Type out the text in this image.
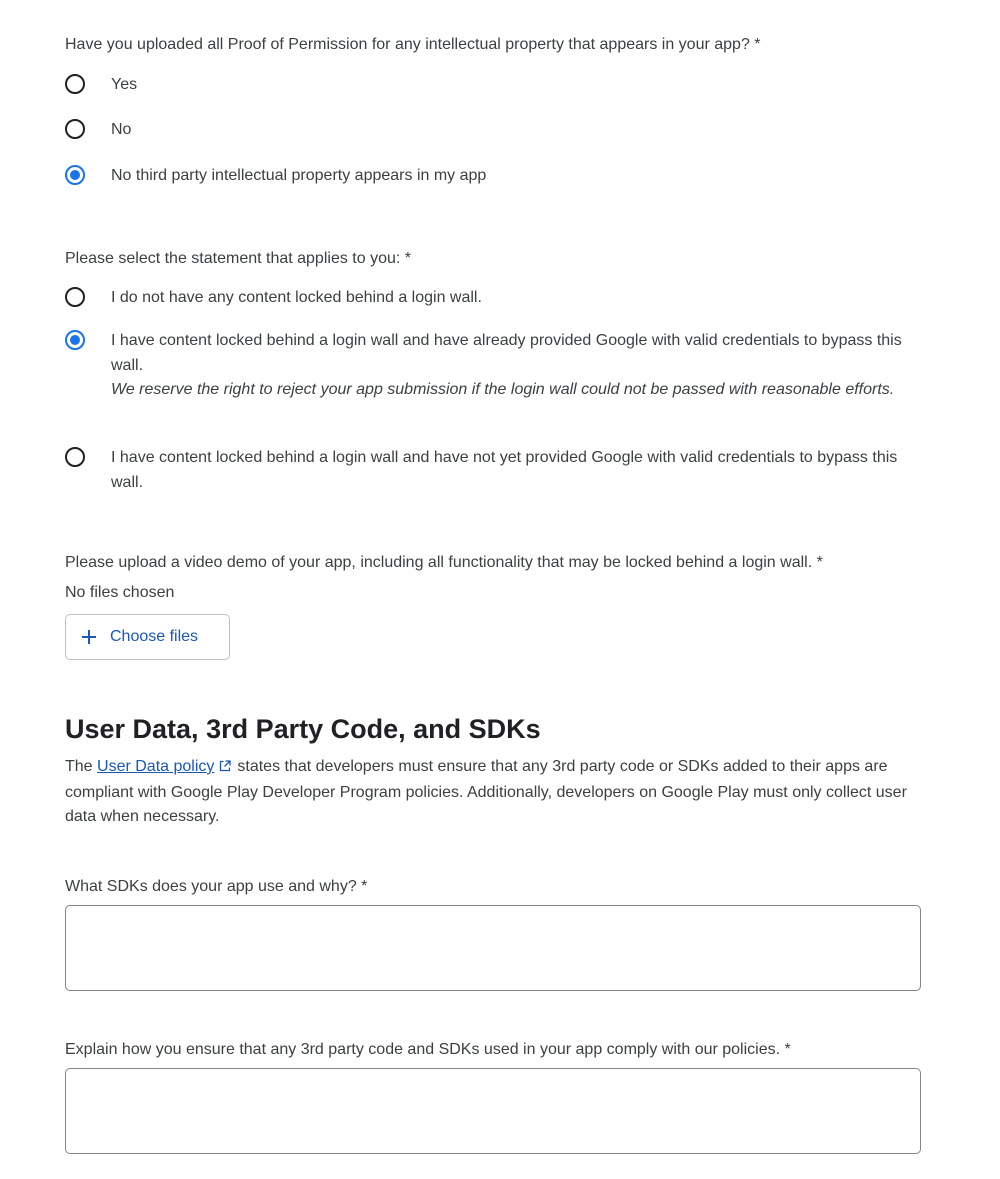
Have you uploaded all Proof of Permission for any intellectual property that appears in your app? *
Yes
No
No third party intellectual property appears in my app
Please select the statement that applies to you: *
I do not have any content locked behind a login wall.
I have content locked behind a login wall and have already provided Google with valid credentials to bypass this wall.
We reserve the right to reject your app submission if the login wall could not be passed with reasonable efforts.
I have content locked behind a login wall and have not yet provided Google with valid credentials to bypass this wall.
Please upload a video demo of your app, including all functionality that may be locked behind a login wall. *
No files chosen
Choose files
User Data, 3rd Party Code, and SDKs
The User Data policy states that developers must ensure that any 3rd party code or SDKs added to their apps are compliant with Google Play Developer Program policies. Additionally, developers on Google Play must only collect user data when necessary.
What SDKs does your app use and why? *
Explain how you ensure that any 3rd party code and SDKs used in your app comply with our policies. *
